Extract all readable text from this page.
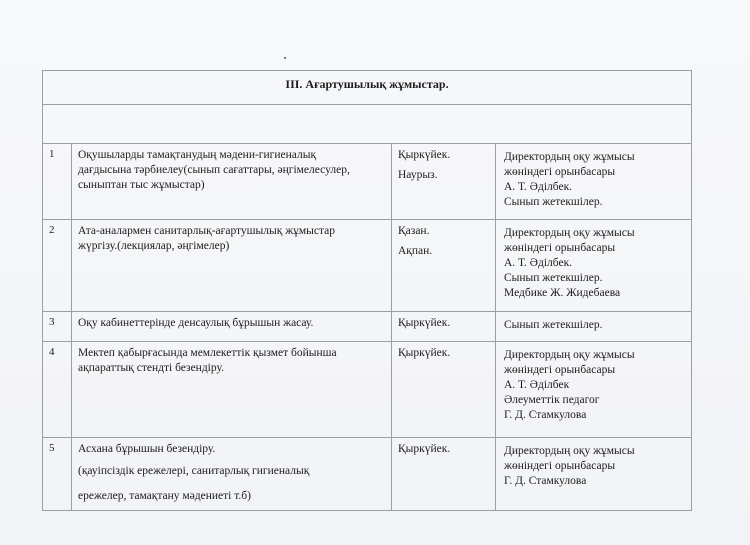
III. Ағартушылық жұмыстар.			

1	Оқушыларды тамақтанудың мәдени-гигиеналық
дағдысына тәрбиелеу(сынып сағаттары, әңгімелесулер,
сыныптан тыс жұмыстар)	Қыркүйек.
Наурыз.	Директордың оқу жұмысы
жөніндегі орынбасары
А. Т. Әділбек.
Сынып жетекшілер.

2	Ата-аналармен санитарлық-ағартушылық жұмыстар
жүргізу.(лекциялар, әңгімелер)	Қазан.
Ақпан.	Директордың оқу жұмысы
жөніндегі орынбасары
А. Т. Әділбек.
Сынып жетекшілер.
Медбике Ж. Жидебаева

3	Оқу кабинеттерінде денсаулық бұрышын жасау.	Қыркүйек.	Сынып жетекшілер.

4	Мектеп қабырғасында мемлекеттік қызмет бойынша
ақпараттық стендті безендіру.	Қыркүйек.	Директордың оқу жұмысы
жөніндегі орынбасары
А. Т. Әділбек
Әлеуметтік педагог
Г. Д. Стамкулова

5	Асхана бұрышын безендіру.
(қауіпсіздік ережелері, санитарлық гигиеналық
ережелер, тамақтану мәдениеті т.б)	Қыркүйек.	Директордың оқу жұмысы
жөніндегі орынбасары
Г. Д. Стамкулова
